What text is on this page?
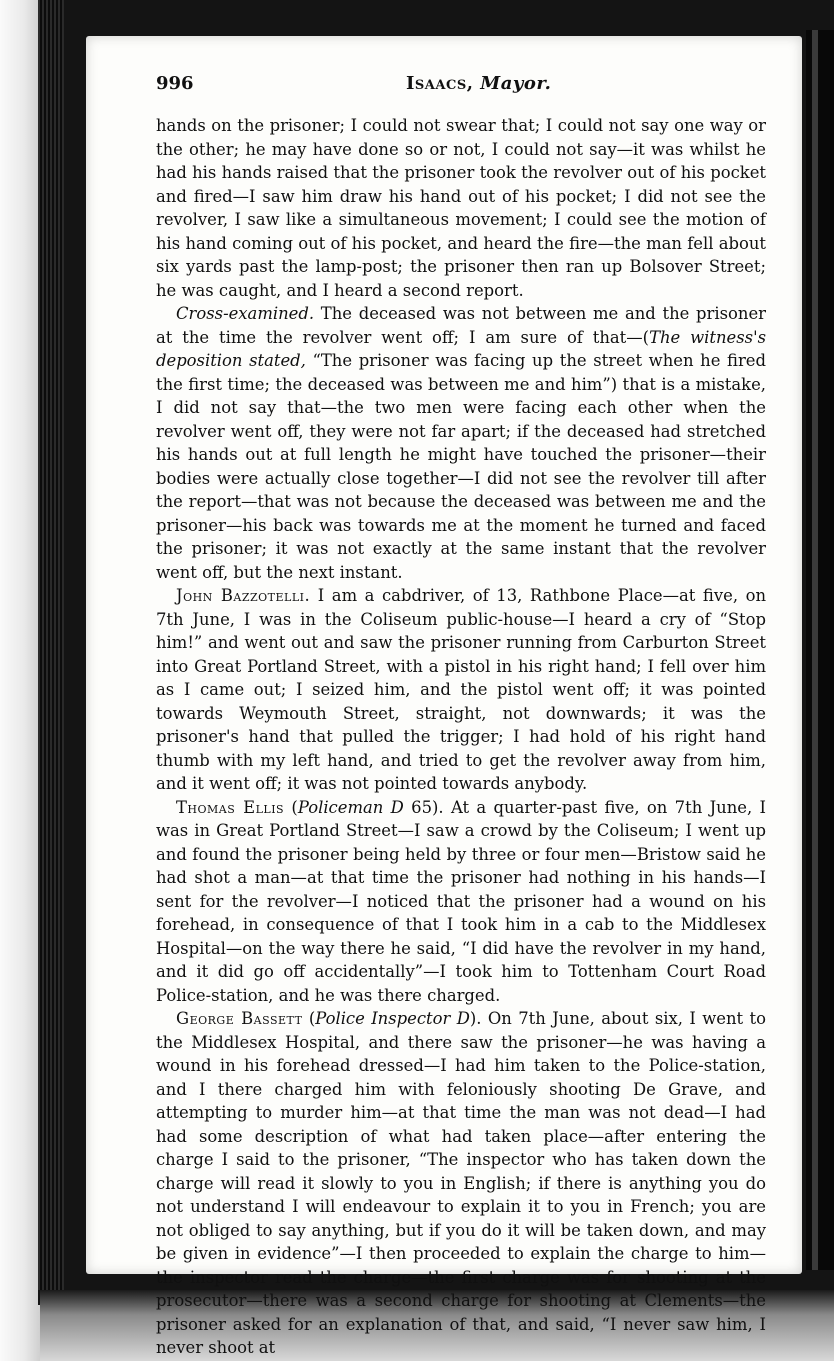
996	Isaacs, Mayor.

hands on the prisoner; I could not swear that; I could not say one way or the other; he may have done so or not, I could not say—it was whilst he had his hands raised that the prisoner took the revolver out of his pocket and fired—I saw him draw his hand out of his pocket; I did not see the revolver, I saw like a simultaneous movement; I could see the motion of his hand coming out of his pocket, and heard the fire—the man fell about six yards past the lamp-post; the prisoner then ran up Bolsover Street; he was caught, and I heard a second report.

Cross-examined. The deceased was not between me and the prisoner at the time the revolver went off; I am sure of that—(The witness's deposition stated, “The prisoner was facing up the street when he fired the first time; the deceased was between me and him”) that is a mistake, I did not say that—the two men were facing each other when the revolver went off, they were not far apart; if the deceased had stretched his hands out at full length he might have touched the prisoner—their bodies were actually close together—I did not see the revolver till after the report—that was not because the deceased was between me and the prisoner—his back was towards me at the moment he turned and faced the prisoner; it was not exactly at the same instant that the revolver went off, but the next instant.

John Bazzotelli. I am a cabdriver, of 13, Rathbone Place—at five, on 7th June, I was in the Coliseum public-house—I heard a cry of “Stop him!” and went out and saw the prisoner running from Carburton Street into Great Portland Street, with a pistol in his right hand; I fell over him as I came out; I seized him, and the pistol went off; it was pointed towards Weymouth Street, straight, not downwards; it was the prisoner's hand that pulled the trigger; I had hold of his right hand thumb with my left hand, and tried to get the revolver away from him, and it went off; it was not pointed towards anybody.

Thomas Ellis (Policeman D 65). At a quarter-past five, on 7th June, I was in Great Portland Street—I saw a crowd by the Coliseum; I went up and found the prisoner being held by three or four men—Bristow said he had shot a man—at that time the prisoner had nothing in his hands—I sent for the revolver—I noticed that the prisoner had a wound on his forehead, in consequence of that I took him in a cab to the Middlesex Hospital—on the way there he said, “I did have the revolver in my hand, and it did go off accidentally”—I took him to Tottenham Court Road Police-station, and he was there charged.

George Bassett (Police Inspector D). On 7th June, about six, I went to the Middlesex Hospital, and there saw the prisoner—he was having a wound in his forehead dressed—I had him taken to the Police-station, and I there charged him with feloniously shooting De Grave, and attempting to murder him—at that time the man was not dead—I had had some description of what had taken place—after entering the charge I said to the prisoner, “The inspector who has taken down the charge will read it slowly to you in English; if there is anything you do not understand I will endeavour to explain it to you in French; you are not obliged to say anything, but if you do it will be taken down, and may be given in evidence”—I then proceeded to explain the charge to him—the inspector read the charge—the first charge was for shooting at the prosecutor—there was a second charge for shooting at Clements—the prisoner asked for an explanation of that, and said, “I never saw him, I never shoot at
